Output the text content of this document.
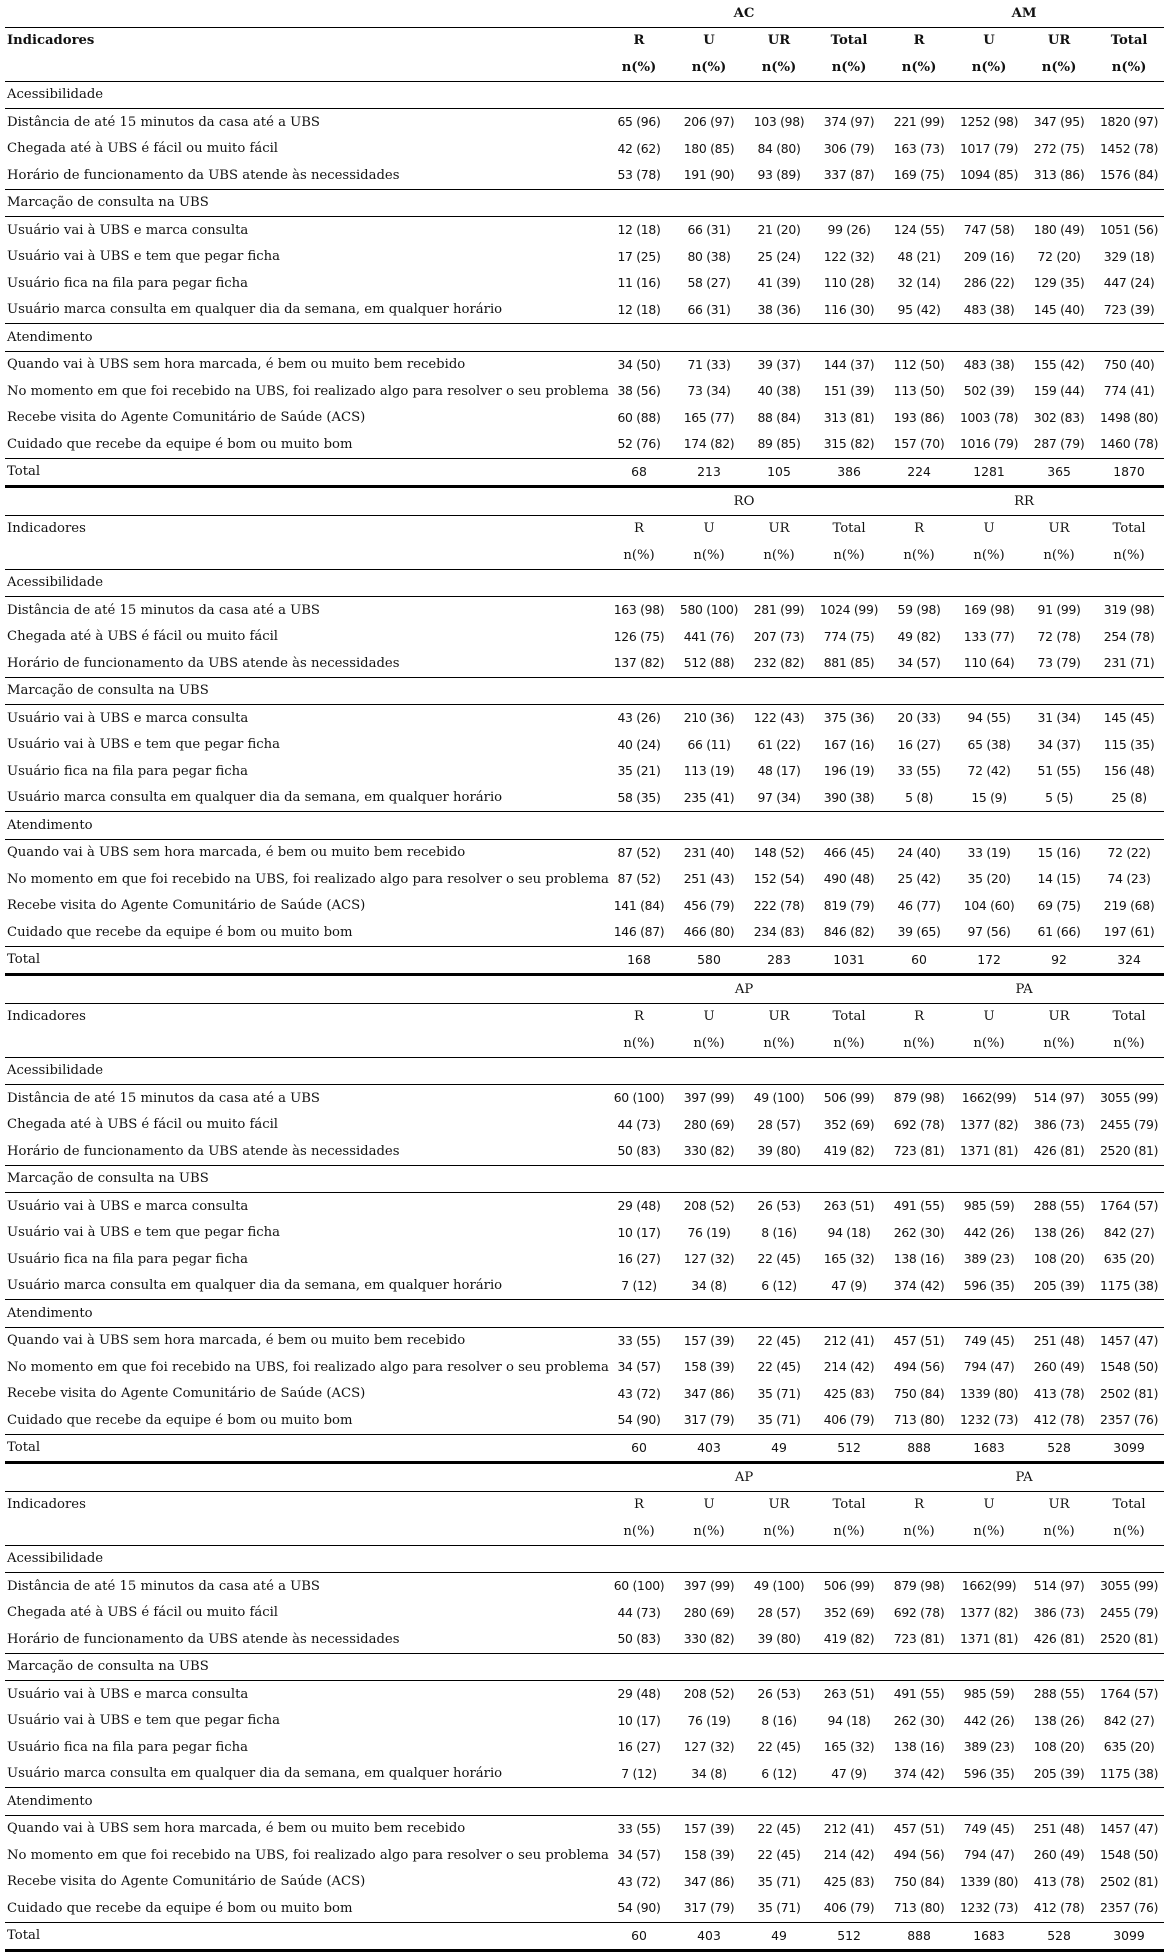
	AC				AM			
Indicadores	R	U	UR	Total	R	U	UR	Total
	n(%)	n(%)	n(%)	n(%)	n(%)	n(%)	n(%)	n(%)
Acessibilidade								
Distância de até 15 minutos da casa até a UBS	65 (96)	206 (97)	103 (98)	374 (97)	221 (99)	1252 (98)	347 (95)	1820 (97)
Chegada até à UBS é fácil ou muito fácil	42 (62)	180 (85)	84 (80)	306 (79)	163 (73)	1017 (79)	272 (75)	1452 (78)
Horário de funcionamento da UBS atende às necessidades	53 (78)	191 (90)	93 (89)	337 (87)	169 (75)	1094 (85)	313 (86)	1576 (84)
Marcação de consulta na UBS								
Usuário vai à UBS e marca consulta	12 (18)	66 (31)	21 (20)	99 (26)	124 (55)	747 (58)	180 (49)	1051 (56)
Usuário vai à UBS e tem que pegar ficha	17 (25)	80 (38)	25 (24)	122 (32)	48 (21)	209 (16)	72 (20)	329 (18)
Usuário fica na fila para pegar ficha	11 (16)	58 (27)	41 (39)	110 (28)	32 (14)	286 (22)	129 (35)	447 (24)
Usuário marca consulta em qualquer dia da semana, em qualquer horário	12 (18)	66 (31)	38 (36)	116 (30)	95 (42)	483 (38)	145 (40)	723 (39)
Atendimento								
Quando vai à UBS sem hora marcada, é bem ou muito bem recebido	34 (50)	71 (33)	39 (37)	144 (37)	112 (50)	483 (38)	155 (42)	750 (40)
No momento em que foi recebido na UBS, foi realizado algo para resolver o seu problema	38 (56)	73 (34)	40 (38)	151 (39)	113 (50)	502 (39)	159 (44)	774 (41)
Recebe visita do Agente Comunitário de Saúde (ACS)	60 (88)	165 (77)	88 (84)	313 (81)	193 (86)	1003 (78)	302 (83)	1498 (80)
Cuidado que recebe da equipe é bom ou muito bom	52 (76)	174 (82)	89 (85)	315 (82)	157 (70)	1016 (79)	287 (79)	1460 (78)
Total	68	213	105	386	224	1281	365	1870
	RO				RR			
Indicadores	R	U	UR	Total	R	U	UR	Total
	n(%)	n(%)	n(%)	n(%)	n(%)	n(%)	n(%)	n(%)
Acessibilidade								
Distância de até 15 minutos da casa até a UBS	163 (98)	580 (100)	281 (99)	1024 (99)	59 (98)	169 (98)	91 (99)	319 (98)
Chegada até à UBS é fácil ou muito fácil	126 (75)	441 (76)	207 (73)	774 (75)	49 (82)	133 (77)	72 (78)	254 (78)
Horário de funcionamento da UBS atende às necessidades	137 (82)	512 (88)	232 (82)	881 (85)	34 (57)	110 (64)	73 (79)	231 (71)
Marcação de consulta na UBS								
Usuário vai à UBS e marca consulta	43 (26)	210 (36)	122 (43)	375 (36)	20 (33)	94 (55)	31 (34)	145 (45)
Usuário vai à UBS e tem que pegar ficha	40 (24)	66 (11)	61 (22)	167 (16)	16 (27)	65 (38)	34 (37)	115 (35)
Usuário fica na fila para pegar ficha	35 (21)	113 (19)	48 (17)	196 (19)	33 (55)	72 (42)	51 (55)	156 (48)
Usuário marca consulta em qualquer dia da semana, em qualquer horário	58 (35)	235 (41)	97 (34)	390 (38)	5 (8)	15 (9)	5 (5)	25 (8)
Atendimento								
Quando vai à UBS sem hora marcada, é bem ou muito bem recebido	87 (52)	231 (40)	148 (52)	466 (45)	24 (40)	33 (19)	15 (16)	72 (22)
No momento em que foi recebido na UBS, foi realizado algo para resolver o seu problema	87 (52)	251 (43)	152 (54)	490 (48)	25 (42)	35 (20)	14 (15)	74 (23)
Recebe visita do Agente Comunitário de Saúde (ACS)	141 (84)	456 (79)	222 (78)	819 (79)	46 (77)	104 (60)	69 (75)	219 (68)
Cuidado que recebe da equipe é bom ou muito bom	146 (87)	466 (80)	234 (83)	846 (82)	39 (65)	97 (56)	61 (66)	197 (61)
Total	168	580	283	1031	60	172	92	324
	AP				PA			
Indicadores	R	U	UR	Total	R	U	UR	Total
	n(%)	n(%)	n(%)	n(%)	n(%)	n(%)	n(%)	n(%)
Acessibilidade								
Distância de até 15 minutos da casa até a UBS	60 (100)	397 (99)	49 (100)	506 (99)	879 (98)	1662(99)	514 (97)	3055 (99)
Chegada até à UBS é fácil ou muito fácil	44 (73)	280 (69)	28 (57)	352 (69)	692 (78)	1377 (82)	386 (73)	2455 (79)
Horário de funcionamento da UBS atende às necessidades	50 (83)	330 (82)	39 (80)	419 (82)	723 (81)	1371 (81)	426 (81)	2520 (81)
Marcação de consulta na UBS								
Usuário vai à UBS e marca consulta	29 (48)	208 (52)	26 (53)	263 (51)	491 (55)	985 (59)	288 (55)	1764 (57)
Usuário vai à UBS e tem que pegar ficha	10 (17)	76 (19)	8 (16)	94 (18)	262 (30)	442 (26)	138 (26)	842 (27)
Usuário fica na fila para pegar ficha	16 (27)	127 (32)	22 (45)	165 (32)	138 (16)	389 (23)	108 (20)	635 (20)
Usuário marca consulta em qualquer dia da semana, em qualquer horário	7 (12)	34 (8)	6 (12)	47 (9)	374 (42)	596 (35)	205 (39)	1175 (38)
Atendimento								
Quando vai à UBS sem hora marcada, é bem ou muito bem recebido	33 (55)	157 (39)	22 (45)	212 (41)	457 (51)	749 (45)	251 (48)	1457 (47)
No momento em que foi recebido na UBS, foi realizado algo para resolver o seu problema	34 (57)	158 (39)	22 (45)	214 (42)	494 (56)	794 (47)	260 (49)	1548 (50)
Recebe visita do Agente Comunitário de Saúde (ACS)	43 (72)	347 (86)	35 (71)	425 (83)	750 (84)	1339 (80)	413 (78)	2502 (81)
Cuidado que recebe da equipe é bom ou muito bom	54 (90)	317 (79)	35 (71)	406 (79)	713 (80)	1232 (73)	412 (78)	2357 (76)
Total	60	403	49	512	888	1683	528	3099
	AP				PA			
Indicadores	R	U	UR	Total	R	U	UR	Total
	n(%)	n(%)	n(%)	n(%)	n(%)	n(%)	n(%)	n(%)
Acessibilidade								
Distância de até 15 minutos da casa até a UBS	60 (100)	397 (99)	49 (100)	506 (99)	879 (98)	1662(99)	514 (97)	3055 (99)
Chegada até à UBS é fácil ou muito fácil	44 (73)	280 (69)	28 (57)	352 (69)	692 (78)	1377 (82)	386 (73)	2455 (79)
Horário de funcionamento da UBS atende às necessidades	50 (83)	330 (82)	39 (80)	419 (82)	723 (81)	1371 (81)	426 (81)	2520 (81)
Marcação de consulta na UBS								
Usuário vai à UBS e marca consulta	29 (48)	208 (52)	26 (53)	263 (51)	491 (55)	985 (59)	288 (55)	1764 (57)
Usuário vai à UBS e tem que pegar ficha	10 (17)	76 (19)	8 (16)	94 (18)	262 (30)	442 (26)	138 (26)	842 (27)
Usuário fica na fila para pegar ficha	16 (27)	127 (32)	22 (45)	165 (32)	138 (16)	389 (23)	108 (20)	635 (20)
Usuário marca consulta em qualquer dia da semana, em qualquer horário	7 (12)	34 (8)	6 (12)	47 (9)	374 (42)	596 (35)	205 (39)	1175 (38)
Atendimento								
Quando vai à UBS sem hora marcada, é bem ou muito bem recebido	33 (55)	157 (39)	22 (45)	212 (41)	457 (51)	749 (45)	251 (48)	1457 (47)
No momento em que foi recebido na UBS, foi realizado algo para resolver o seu problema	34 (57)	158 (39)	22 (45)	214 (42)	494 (56)	794 (47)	260 (49)	1548 (50)
Recebe visita do Agente Comunitário de Saúde (ACS)	43 (72)	347 (86)	35 (71)	425 (83)	750 (84)	1339 (80)	413 (78)	2502 (81)
Cuidado que recebe da equipe é bom ou muito bom	54 (90)	317 (79)	35 (71)	406 (79)	713 (80)	1232 (73)	412 (78)	2357 (76)
Total	60	403	49	512	888	1683	528	3099
